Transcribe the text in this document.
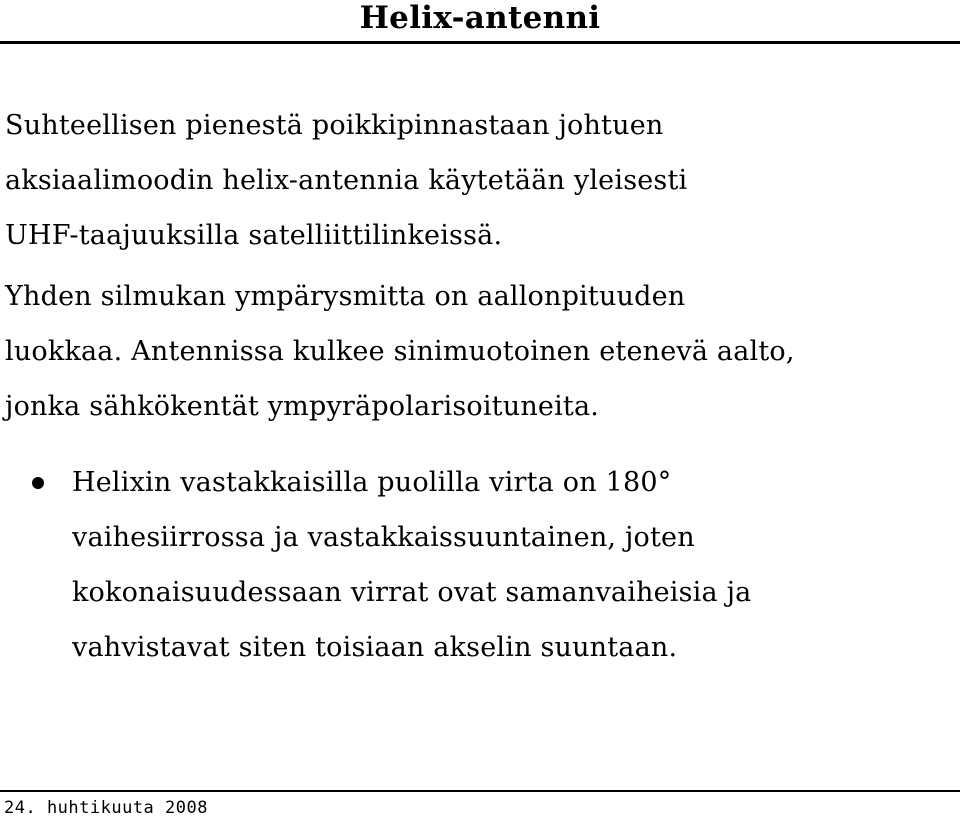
Helix-antenni

Suhteellisen pienestä poikkipinnastaan johtuen
aksiaalimoodin helix-antennia käytetään yleisesti
UHF-taajuuksilla satelliittilinkeissä.

Yhden silmukan ympärysmitta on aallonpituuden
luokkaa. Antennissa kulkee sinimuotoinen etenevä aalto,
jonka sähkökentät ympyräpolarisoituneita.

Helixin vastakkaisilla puolilla virta on 180°
vaihesiirrossa ja vastakkaissuuntainen, joten
kokonaisuudessaan virrat ovat samanvaiheisia ja
vahvistavat siten toisiaan akselin suuntaan.
24. huhtikuuta 2008
